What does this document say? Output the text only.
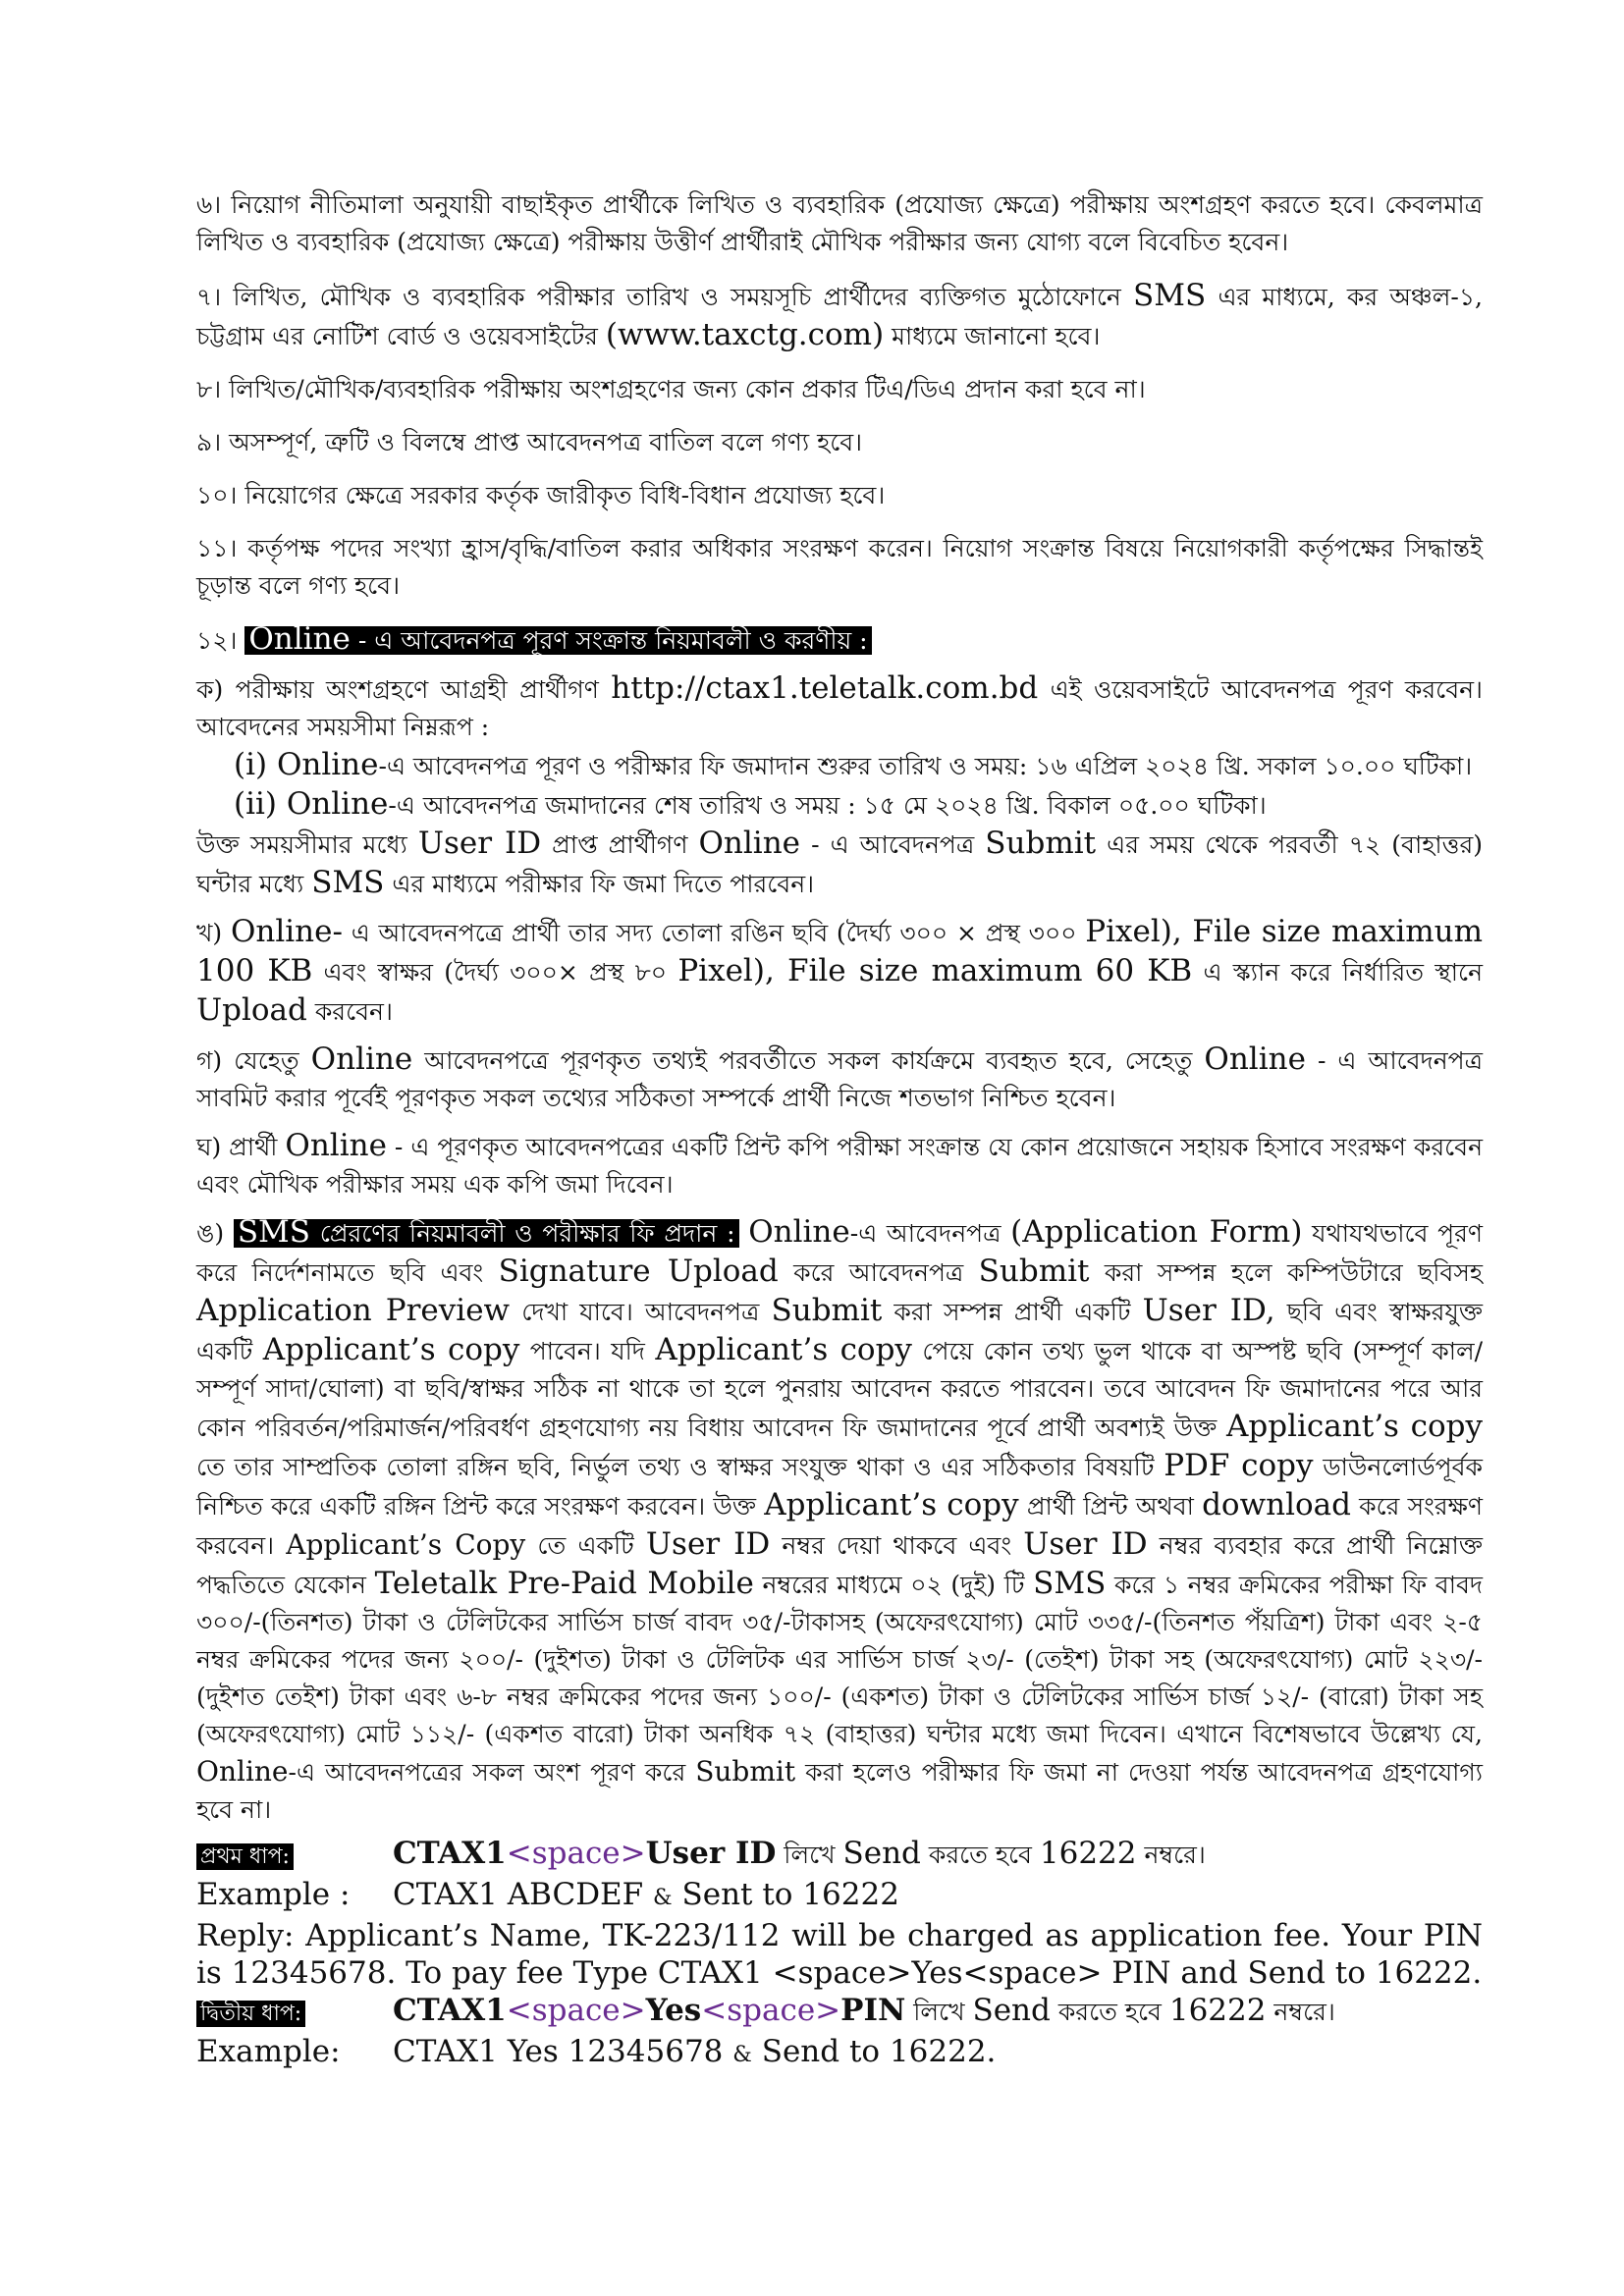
৬। নিয়োগ নীতিমালা অনুযায়ী বাছাইকৃত প্রার্থীকে লিখিত ও ব্যবহারিক (প্রযোজ্য ক্ষেত্রে) পরীক্ষায় অংশগ্রহণ করতে হবে। কেবলমাত্র লিখিত ও ব্যবহারিক (প্রযোজ্য ক্ষেত্রে) পরীক্ষায় উত্তীর্ণ প্রার্থীরাই মৌখিক পরীক্ষার জন্য যোগ্য বলে বিবেচিত হবেন।

৭। লিখিত, মৌখিক ও ব্যবহারিক পরীক্ষার তারিখ ও সময়সূচি প্রার্থীদের ব্যক্তিগত মুঠোফোনে SMS এর মাধ্যমে, কর অঞ্চল-১, চট্টগ্রাম এর নোটিশ বোর্ড ও ওয়েবসাইটের (www.taxctg.com) মাধ্যমে জানানো হবে।

৮। লিখিত/মৌখিক/ব্যবহারিক পরীক্ষায় অংশগ্রহণের জন্য কোন প্রকার টিএ/ডিএ প্রদান করা হবে না।

৯। অসম্পূর্ণ, ত্রুটি ও বিলম্বে প্রাপ্ত আবেদনপত্র বাতিল বলে গণ্য হবে।

১০। নিয়োগের ক্ষেত্রে সরকার কর্তৃক জারীকৃত বিধি-বিধান প্রযোজ্য হবে।

১১। কর্তৃপক্ষ পদের সংখ্যা হ্রাস/বৃদ্ধি/বাতিল করার অধিকার সংরক্ষণ করেন। নিয়োগ সংক্রান্ত বিষয়ে নিয়োগকারী কর্তৃপক্ষের সিদ্ধান্তই চূড়ান্ত বলে গণ্য হবে।

১২। Online - এ আবেদনপত্র পূরণ সংক্রান্ত নিয়মাবলী ও করণীয় :

ক) পরীক্ষায় অংশগ্রহণে আগ্রহী প্রার্থীগণ http://ctax1.teletalk.com.bd এই ওয়েবসাইটে আবেদনপত্র পূরণ করবেন। আবেদনের সময়সীমা নিম্নরূপ :

(i) Online-এ আবেদনপত্র পূরণ ও পরীক্ষার ফি জমাদান শুরুর তারিখ ও সময়: ১৬ এপ্রিল ২০২৪ খ্রি. সকাল ১০.০০ ঘটিকা।

(ii) Online-এ আবেদনপত্র জমাদানের শেষ তারিখ ও সময় : ১৫ মে ২০২৪ খ্রি. বিকাল ০৫.০০ ঘটিকা।

উক্ত সময়সীমার মধ্যে User ID প্রাপ্ত প্রার্থীগণ Online - এ আবেদনপত্র Submit এর সময় থেকে পরবর্তী ৭২ (বাহাত্তর) ঘন্টার মধ্যে SMS এর মাধ্যমে পরীক্ষার ফি জমা দিতে পারবেন।

খ) Online- এ আবেদনপত্রে প্রার্থী তার সদ্য তোলা রঙিন ছবি (দৈর্ঘ্য ৩০০ × প্রস্থ ৩০০ Pixel), File size maximum 100 KB এবং স্বাক্ষর (দৈর্ঘ্য ৩০০× প্রস্থ ৮০ Pixel), File size maximum 60 KB এ স্ক্যান করে নির্ধারিত স্থানে Upload করবেন।

গ) যেহেতু Online আবেদনপত্রে পূরণকৃত তথ্যই পরবর্তীতে সকল কার্যক্রমে ব্যবহৃত হবে, সেহেতু Online - এ আবেদনপত্র সাবমিট করার পূর্বেই পূরণকৃত সকল তথ্যের সঠিকতা সম্পর্কে প্রার্থী নিজে শতভাগ নিশ্চিত হবেন।

ঘ) প্রার্থী Online - এ পূরণকৃত আবেদনপত্রের একটি প্রিন্ট কপি পরীক্ষা সংক্রান্ত যে কোন প্রয়োজনে সহায়ক হিসাবে সংরক্ষণ করবেন এবং মৌখিক পরীক্ষার সময় এক কপি জমা দিবেন।

ঙ) SMS প্রেরণের নিয়মাবলী ও পরীক্ষার ফি প্রদান : Online-এ আবেদনপত্র (Application Form) যথাযথভাবে পূরণ করে নির্দেশনামতে ছবি এবং Signature Upload করে আবেদনপত্র Submit করা সম্পন্ন হলে কম্পিউটারে ছবিসহ Application Preview দেখা যাবে। আবেদনপত্র Submit করা সম্পন্ন প্রার্থী একটি User ID, ছবি এবং স্বাক্ষরযুক্ত একটি Applicant’s copy পাবেন। যদি Applicant’s copy পেয়ে কোন তথ্য ভুল থাকে বা অস্পষ্ট ছবি (সম্পূর্ণ কাল/সম্পূর্ণ সাদা/ঘোলা) বা ছবি/স্বাক্ষর সঠিক না থাকে তা হলে পুনরায় আবেদন করতে পারবেন। তবে আবেদন ফি জমাদানের পরে আর কোন পরিবর্তন/পরিমার্জন/পরিবর্ধণ গ্রহণযোগ্য নয় বিধায় আবেদন ফি জমাদানের পূর্বে প্রার্থী অবশ্যই উক্ত Applicant’s copy তে তার সাম্প্রতিক তোলা রঙ্গিন ছবি, নির্ভুল তথ্য ও স্বাক্ষর সংযুক্ত থাকা ও এর সঠিকতার বিষয়টি PDF copy ডাউনলোর্ডপূর্বক নিশ্চিত করে একটি রঙ্গিন প্রিন্ট করে সংরক্ষণ করবেন। উক্ত Applicant’s copy প্রার্থী প্রিন্ট অথবা download করে সংরক্ষণ করবেন। Applicant’s Copy তে একটি User ID নম্বর দেয়া থাকবে এবং User ID নম্বর ব্যবহার করে প্রার্থী নিম্নোক্ত পদ্ধতিতে যেকোন Teletalk Pre-Paid Mobile নম্বরের মাধ্যমে ০২ (দুই) টি SMS করে ১ নম্বর ক্রমিকের পরীক্ষা ফি বাবদ ৩০০/-(তিনশত) টাকা ও টেলিটকের সার্ভিস চার্জ বাবদ ৩৫/-টাকাসহ (অফেরৎযোগ্য) মোট ৩৩৫/-(তিনশত পঁয়ত্রিশ) টাকা এবং ২-৫ নম্বর ক্রমিকের পদের জন্য ২০০/- (দুইশত) টাকা ও টেলিটক এর সার্ভিস চার্জ ২৩/- (তেইশ) টাকা সহ (অফেরৎযোগ্য) মোট ২২৩/- (দুইশত তেইশ) টাকা এবং ৬-৮ নম্বর ক্রমিকের পদের জন্য ১০০/- (একশত) টাকা ও টেলিটকের সার্ভিস চার্জ ১২/- (বারো) টাকা সহ (অফেরৎযোগ্য) মোট ১১২/- (একশত বারো) টাকা অনধিক ৭২ (বাহাত্তর) ঘন্টার মধ্যে জমা দিবেন। এখানে বিশেষভাবে উল্লেখ্য যে, Online-এ আবেদনপত্রের সকল অংশ পূরণ করে Submit করা হলেও পরীক্ষার ফি জমা না দেওয়া পর্যন্ত আবেদনপত্র গ্রহণযোগ্য হবে না।

প্রথম ধাপ:	CTAX1<space>User ID লিখে Send করতে হবে 16222 নম্বরে।
Example :	CTAX1 ABCDEF & Sent to 16222

Reply: Applicant’s Name, TK-223/112 will be charged as application fee. Your PIN is 12345678. To pay fee Type CTAX1 <space>Yes<space> PIN and Send to 16222.

দ্বিতীয় ধাপ:	CTAX1<space>Yes<space>PIN লিখে Send করতে হবে 16222 নম্বরে।
Example:	CTAX1 Yes 12345678 & Send to 16222.
